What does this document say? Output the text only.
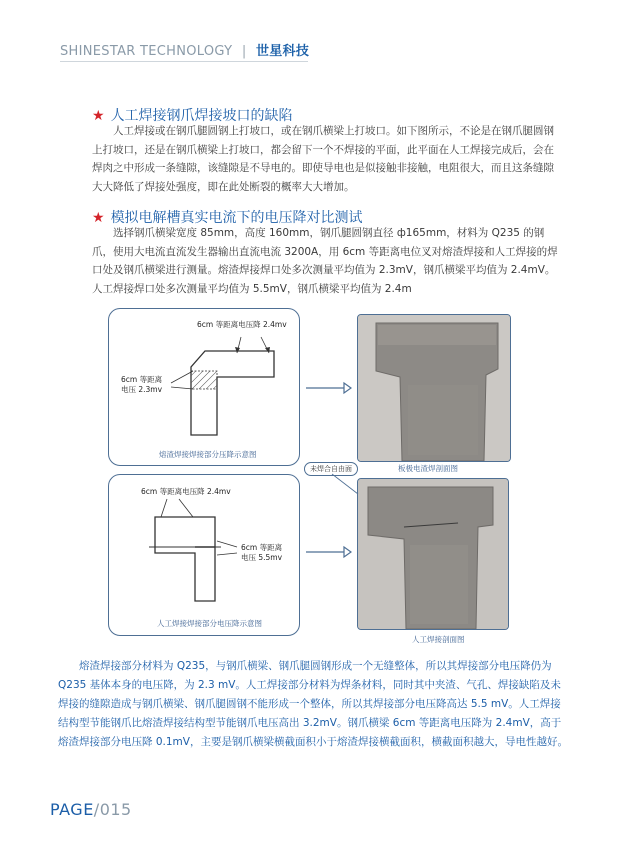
SHINESTAR TECHNOLOGY | 世星科技
★ 人工焊接钢爪焊接坡口的缺陷

人工焊接或在钢爪腿圆钢上打坡口，或在钢爪横梁上打坡口。如下图所示，不论是在钢爪腿圆钢上打坡口，还是在钢爪横梁上打坡口，都会留下一个不焊接的平面，此平面在人工焊接完成后，会在焊肉之中形成一条缝隙，该缝隙是不导电的。即使导电也是似接触非接触，电阻很大，而且这条缝隙大大降低了焊接处强度，即在此处断裂的概率大大增加。

★ 模拟电解槽真实电流下的电压降对比测试

选择钢爪横梁宽度 85mm，高度 160mm，钢爪腿圆钢直径 ф165mm，材料为 Q235 的钢爪，使用大电流直流发生器输出直流电流 3200A，用 6cm 等距离电位叉对熔渣焊接和人工焊接的焊口处及钢爪横梁进行测量。熔渣焊接焊口处多次测量平均值为 2.3mV，钢爪横梁平均值为 2.4mV。人工焊接焊口处多次测量平均值为 5.5mV，钢爪横梁平均值为 2.4m

6cm 等距离电压降 2.4mv
6cm 等距离
电压 2.3mv
熔渣焊接焊接部分压降示意图
板极电渣焊剖面图
未焊合自由面
6cm 等距离电压降 2.4mv
6cm 等距离
电压 5.5mv
人工焊接焊接部分电压降示意图
人工焊接剖面图

熔渣焊接部分材料为 Q235，与钢爪横梁、钢爪腿圆钢形成一个无缝整体，所以其焊接部分电压降仍为 Q235 基体本身的电压降，为 2.3 mV。人工焊接部分材料为焊条材料，同时其中夹渣、气孔、焊接缺陷及未焊接的缝隙造成与钢爪横梁、钢爪腿圆钢不能形成一个整体，所以其焊接部分电压降高达 5.5 mV。人工焊接结构型节能钢爪比熔渣焊接结构型节能钢爪电压高出 3.2mV。钢爪横梁 6cm 等距离电压降为 2.4mV，高于熔渣焊接部分电压降 0.1mV，主要是钢爪横梁横截面积小于熔渣焊接横截面积，横截面积越大，导电性越好。

PAGE/015
